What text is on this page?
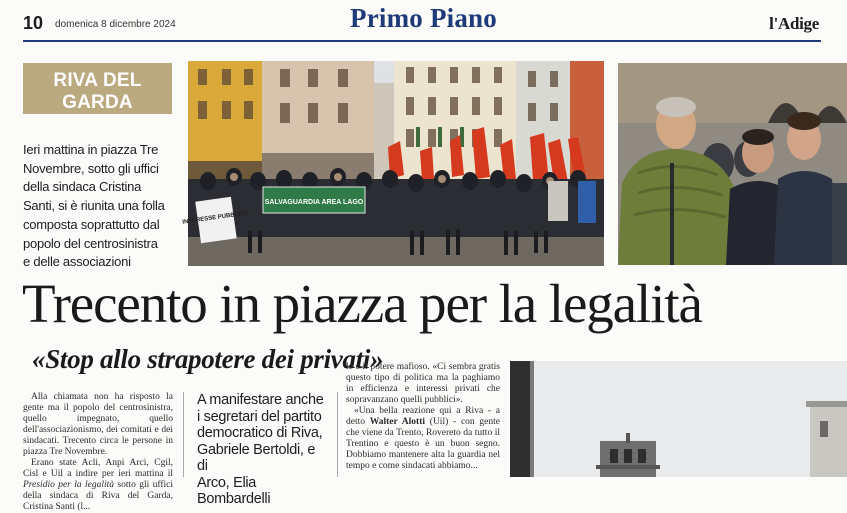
10 domenica 8 dicembre 2024	Primo Piano	l'Adige
RIVA DEL GARDA
Ieri mattina in piazza Tre
Novembre, sotto gli uffici
della sindaca Cristina
Santi, si è riunita una folla
composta soprattutto dal
popolo del centrosinistra
e delle associazioni
SALVAGUARDIA AREA LAGO
INTERESSE PUBBLICO
Trecento in piazza per la legalità
«Stop allo strapotere dei privati»

Alla chiamata non ha risposto la gente ma il popolo del centrosinistra, quello impegnato, quello dell'associazionismo, dei comitati e dei sindacati. Trecento circa le persone in piazza Tre Novembre.

Erano state Acli, Anpi Arci, Cgil, Cisl e Uil a indire per ieri mattina il Presidio per la legalità sotto gli uffici della sindaca di Riva del Garda, Cristina Santi (l...

A manifestare anche
i segretari del partito
democratico di Riva,
Gabriele Bertoldi, e di
Arco, Elia Bombardelli

le e il potere mafioso. «Ci sembra gratis questo tipo di politica ma la paghiamo in efficienza e interessi privati che sopravanzano quelli pubblici».

«Una bella reazione qui a Riva - a detto Walter Alotti (Uil) - con gente che viene da Trento, Rovereto da tutto il Trentino e questo è un buon segno. Dobbiamo mantenere alta la guardia nel tempo e come sindacati abbiamo...
